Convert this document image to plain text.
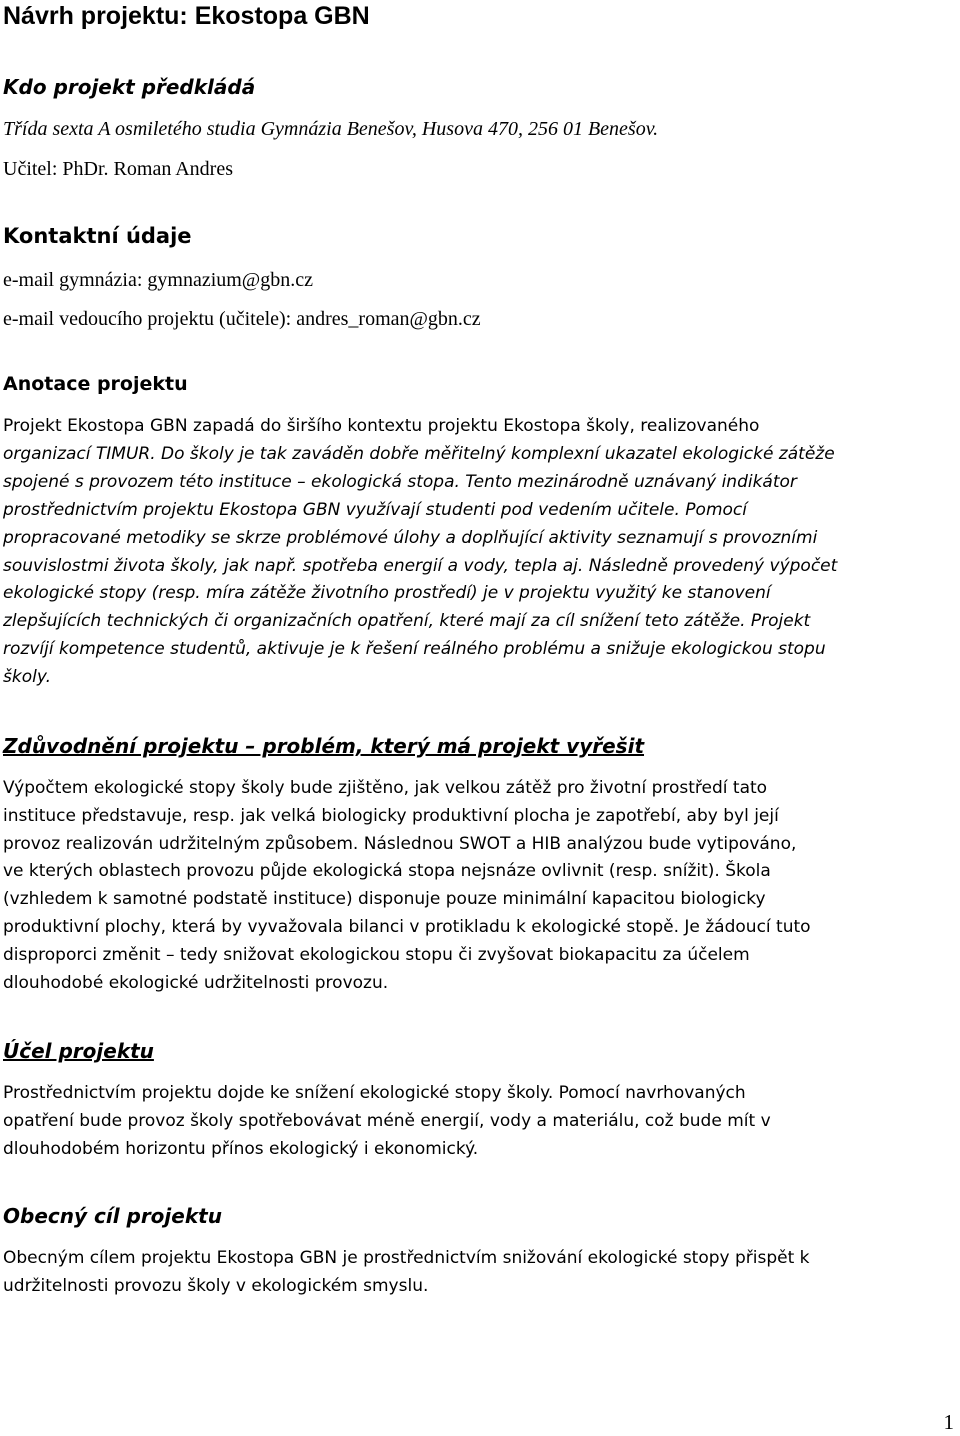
Návrh projektu: Ekostopa GBN
Kdo projekt předkládá

Třída sexta A osmiletého studia Gymnázia Benešov, Husova 470, 256 01 Benešov.

Učitel: PhDr. Roman Andres

Kontaktní údaje

e-mail gymnázia: gymnazium@gbn.cz

e-mail vedoucího projektu (učitele): andres_roman@gbn.cz

Anotace projektu

Projekt Ekostopa GBN zapadá do širšího kontextu projektu Ekostopa školy, realizovaného

organizací TIMUR. Do školy je tak zaváděn dobře měřitelný komplexní ukazatel ekologické zátěže

spojené s provozem této instituce – ekologická stopa. Tento mezinárodně uznávaný indikátor

prostřednictvím projektu Ekostopa GBN využívají studenti pod vedením učitele. Pomocí

propracované metodiky se skrze problémové úlohy a doplňující aktivity seznamují s provozními

souvislostmi života školy, jak např. spotřeba energií a vody, tepla aj. Následně provedený výpočet

ekologické stopy (resp. míra zátěže životního prostředí) je v projektu využitý ke stanovení

zlepšujících technických či organizačních opatření, které mají za cíl snížení teto zátěže. Projekt

rozvíjí kompetence studentů, aktivuje je k řešení reálného problému a snižuje ekologickou stopu

školy.

Zdůvodnění projektu – problém, který má projekt vyřešit

Výpočtem ekologické stopy školy bude zjištěno, jak velkou zátěž pro životní prostředí tato

instituce představuje, resp. jak velká biologicky produktivní plocha je zapotřebí, aby byl její

provoz realizován udržitelným způsobem. Následnou SWOT a HIB analýzou bude vytipováno,

ve kterých oblastech provozu půjde ekologická stopa nejsnáze ovlivnit (resp. snížit). Škola

(vzhledem k samotné podstatě instituce) disponuje pouze minimální kapacitou biologicky

produktivní plochy, která by vyvažovala bilanci v protikladu k ekologické stopě. Je žádoucí tuto

disproporci změnit – tedy snižovat ekologickou stopu či zvyšovat biokapacitu za účelem

dlouhodobé ekologické udržitelnosti provozu.

Účel projektu

Prostřednictvím projektu dojde ke snížení ekologické stopy školy. Pomocí navrhovaných

opatření bude provoz školy spotřebovávat méně energií, vody a materiálu, což bude mít v

dlouhodobém horizontu přínos ekologický i ekonomický.

Obecný cíl projektu

Obecným cílem projektu Ekostopa GBN je prostřednictvím snižování ekologické stopy přispět k

udržitelnosti provozu školy v ekologickém smyslu.

1
